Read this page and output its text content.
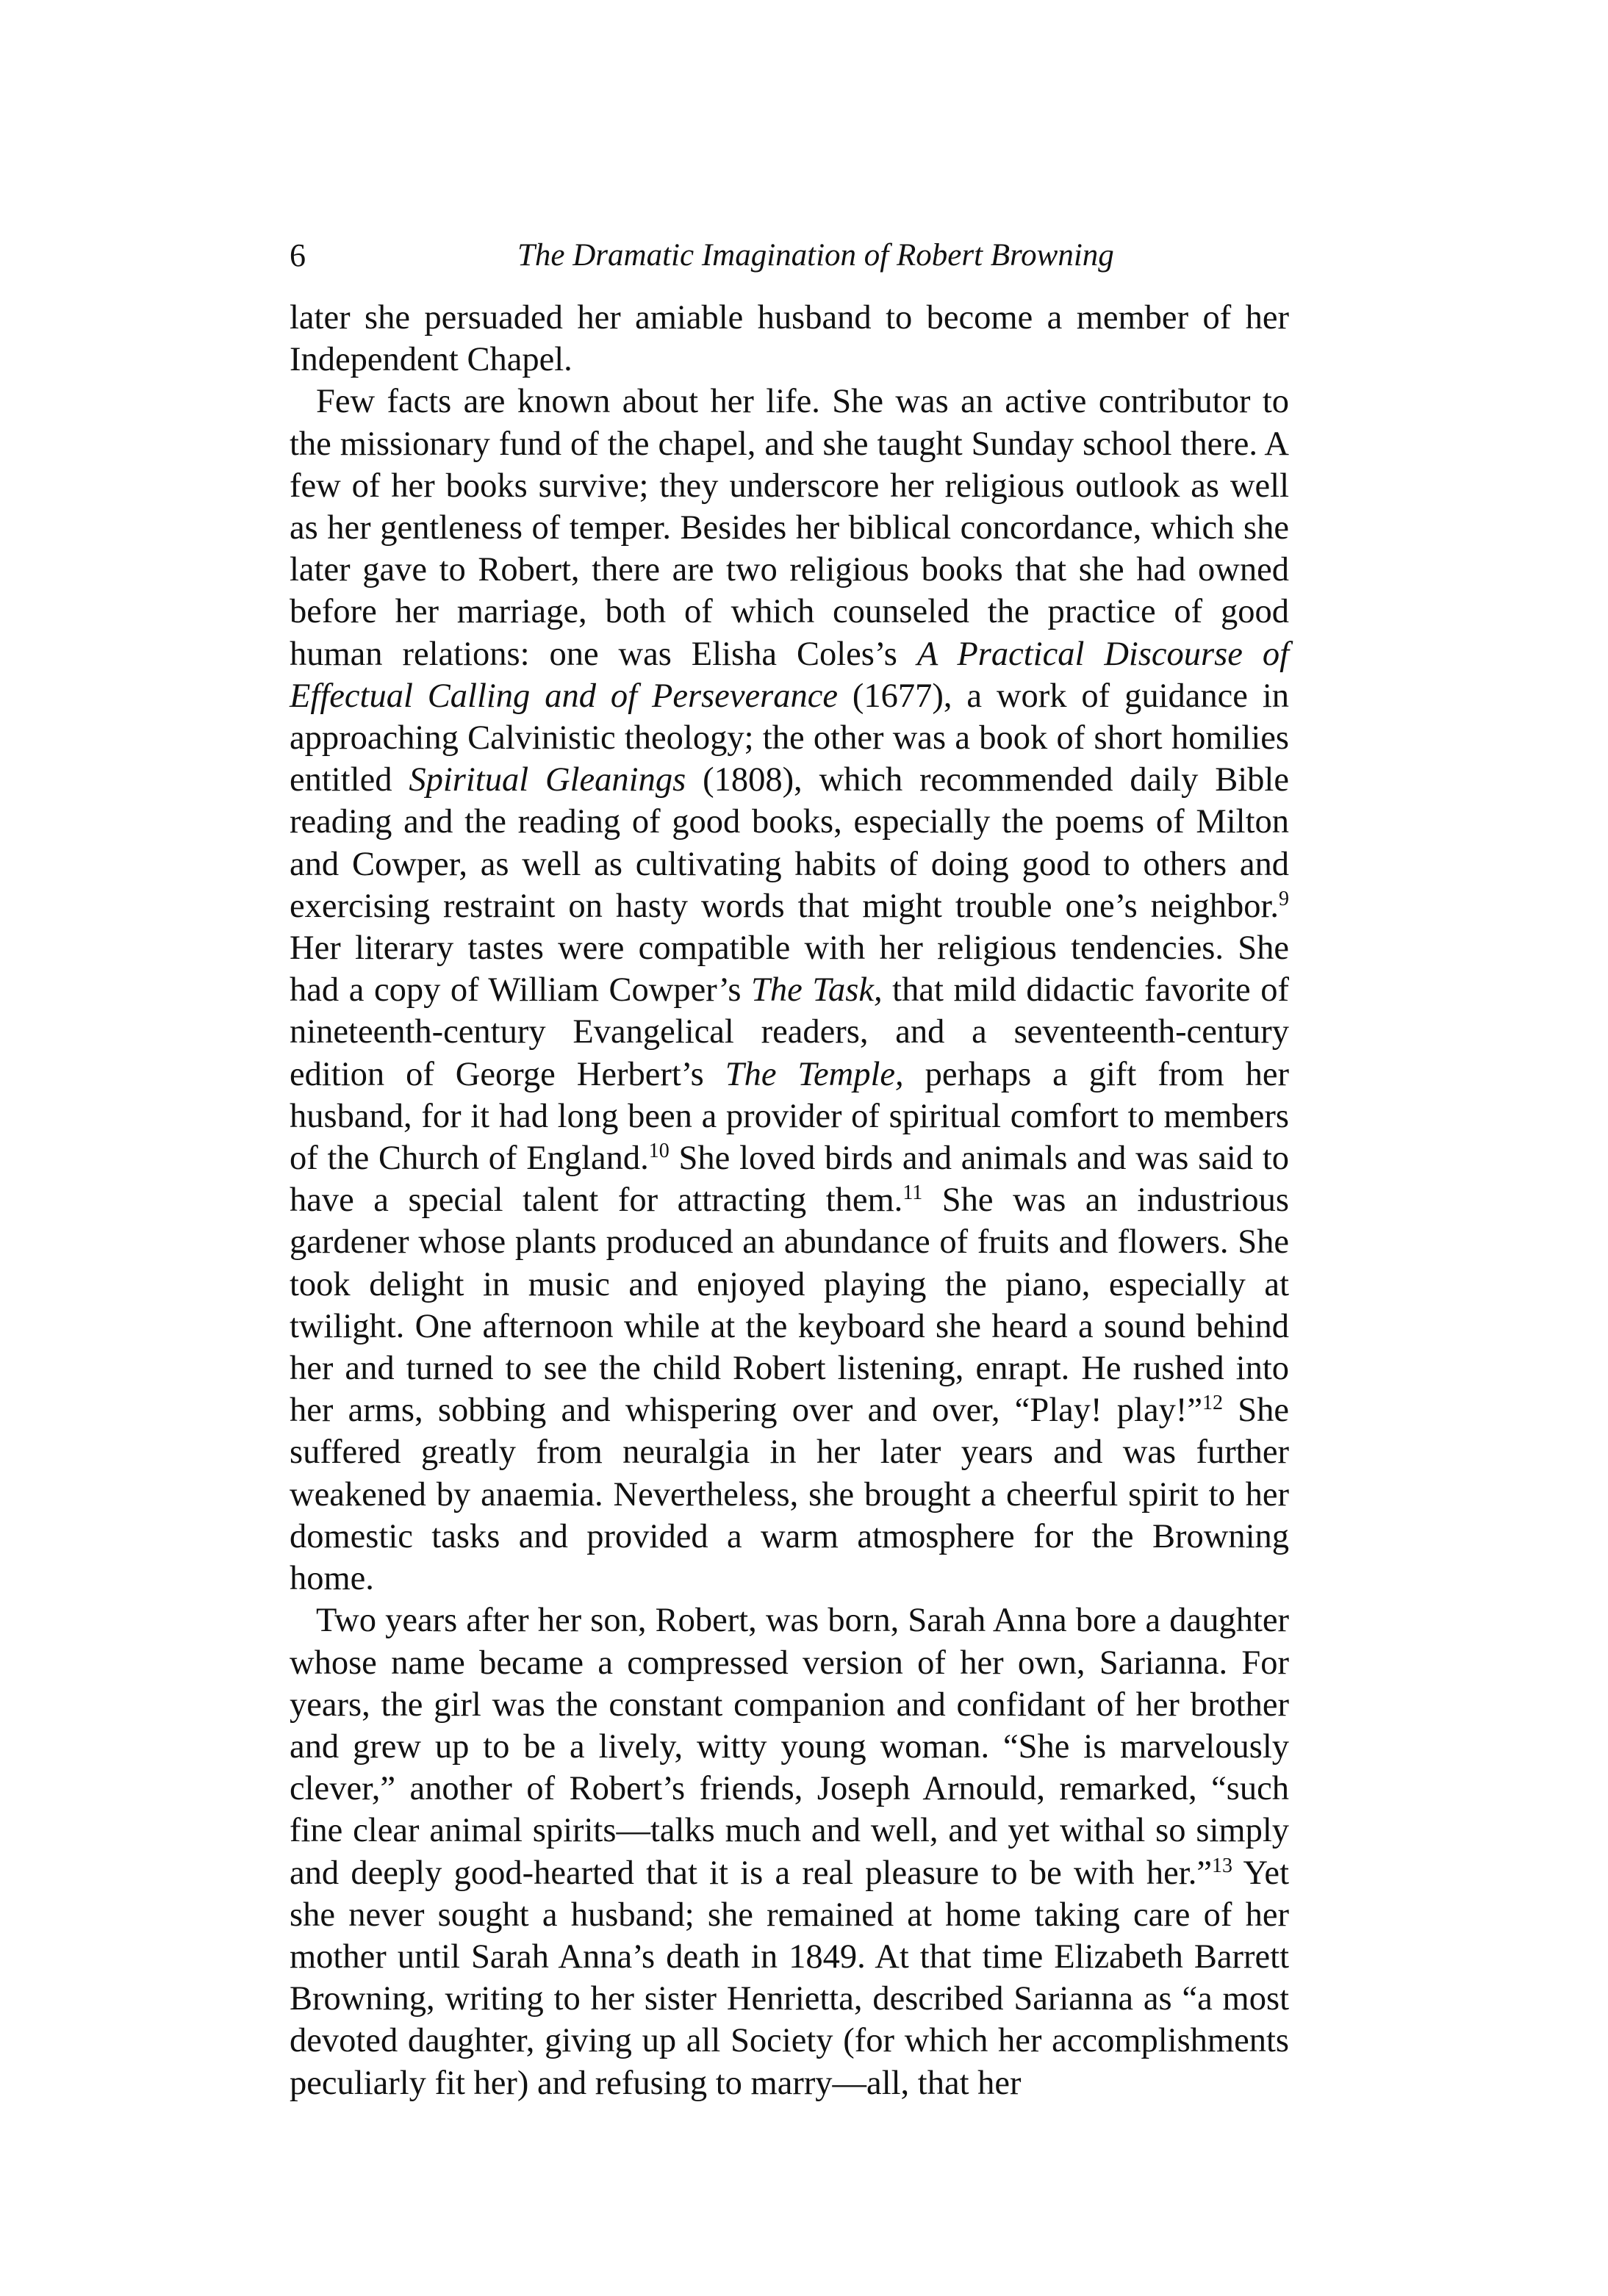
6	The Dramatic Imagination of Robert Browning

later she persuaded her amiable husband to become a member of her Independent Chapel.

Few facts are known about her life. She was an active contributor to the missionary fund of the chapel, and she taught Sunday school there. A few of her books survive; they underscore her religious outlook as well as her gentleness of temper. Besides her biblical concordance, which she later gave to Robert, there are two religious books that she had owned before her marriage, both of which counseled the practice of good human relations: one was Elisha Coles’s A Practical Discourse of Effectual Calling and of Perseverance (1677), a work of guidance in approaching Calvinistic theology; the other was a book of short homilies entitled Spiritual Gleanings (1808), which recommended daily Bible reading and the reading of good books, especially the poems of Milton and Cowper, as well as cultivating habits of doing good to others and exercising restraint on hasty words that might trouble one’s neighbor.$^9$ Her literary tastes were compatible with her religious tendencies. She had a copy of William Cowper’s The Task, that mild didactic favorite of nineteenth-century Evangelical readers, and a seventeenth-century edition of George Herbert’s The Temple, perhaps a gift from her husband, for it had long been a provider of spiritual comfort to members of the Church of England.$^{10}$ She loved birds and animals and was said to have a special talent for attracting them.$^{11}$ She was an industrious gardener whose plants produced an abundance of fruits and flowers. She took delight in music and enjoyed playing the piano, especially at twilight. One afternoon while at the keyboard she heard a sound behind her and turned to see the child Robert listening, enrapt. He rushed into her arms, sobbing and whispering over and over, “Play! play!”$^{12}$ She suffered greatly from neuralgia in her later years and was further weakened by anaemia. Nevertheless, she brought a cheerful spirit to her domestic tasks and provided a warm atmosphere for the Browning home.

Two years after her son, Robert, was born, Sarah Anna bore a daughter whose name became a compressed version of her own, Sarianna. For years, the girl was the constant companion and confidant of her brother and grew up to be a lively, witty young woman. “She is marvelously clever,” another of Robert’s friends, Joseph Arnould, remarked, “such fine clear animal spirits—talks much and well, and yet withal so simply and deeply good-hearted that it is a real pleasure to be with her.”$^{13}$ Yet she never sought a husband; she remained at home taking care of her mother until Sarah Anna’s death in 1849. At that time Elizabeth Barrett Browning, writing to her sister Henrietta, described Sarianna as “a most devoted daughter, giving up all Society (for which her accomplishments peculiarly fit her) and refusing to marry—all, that her
